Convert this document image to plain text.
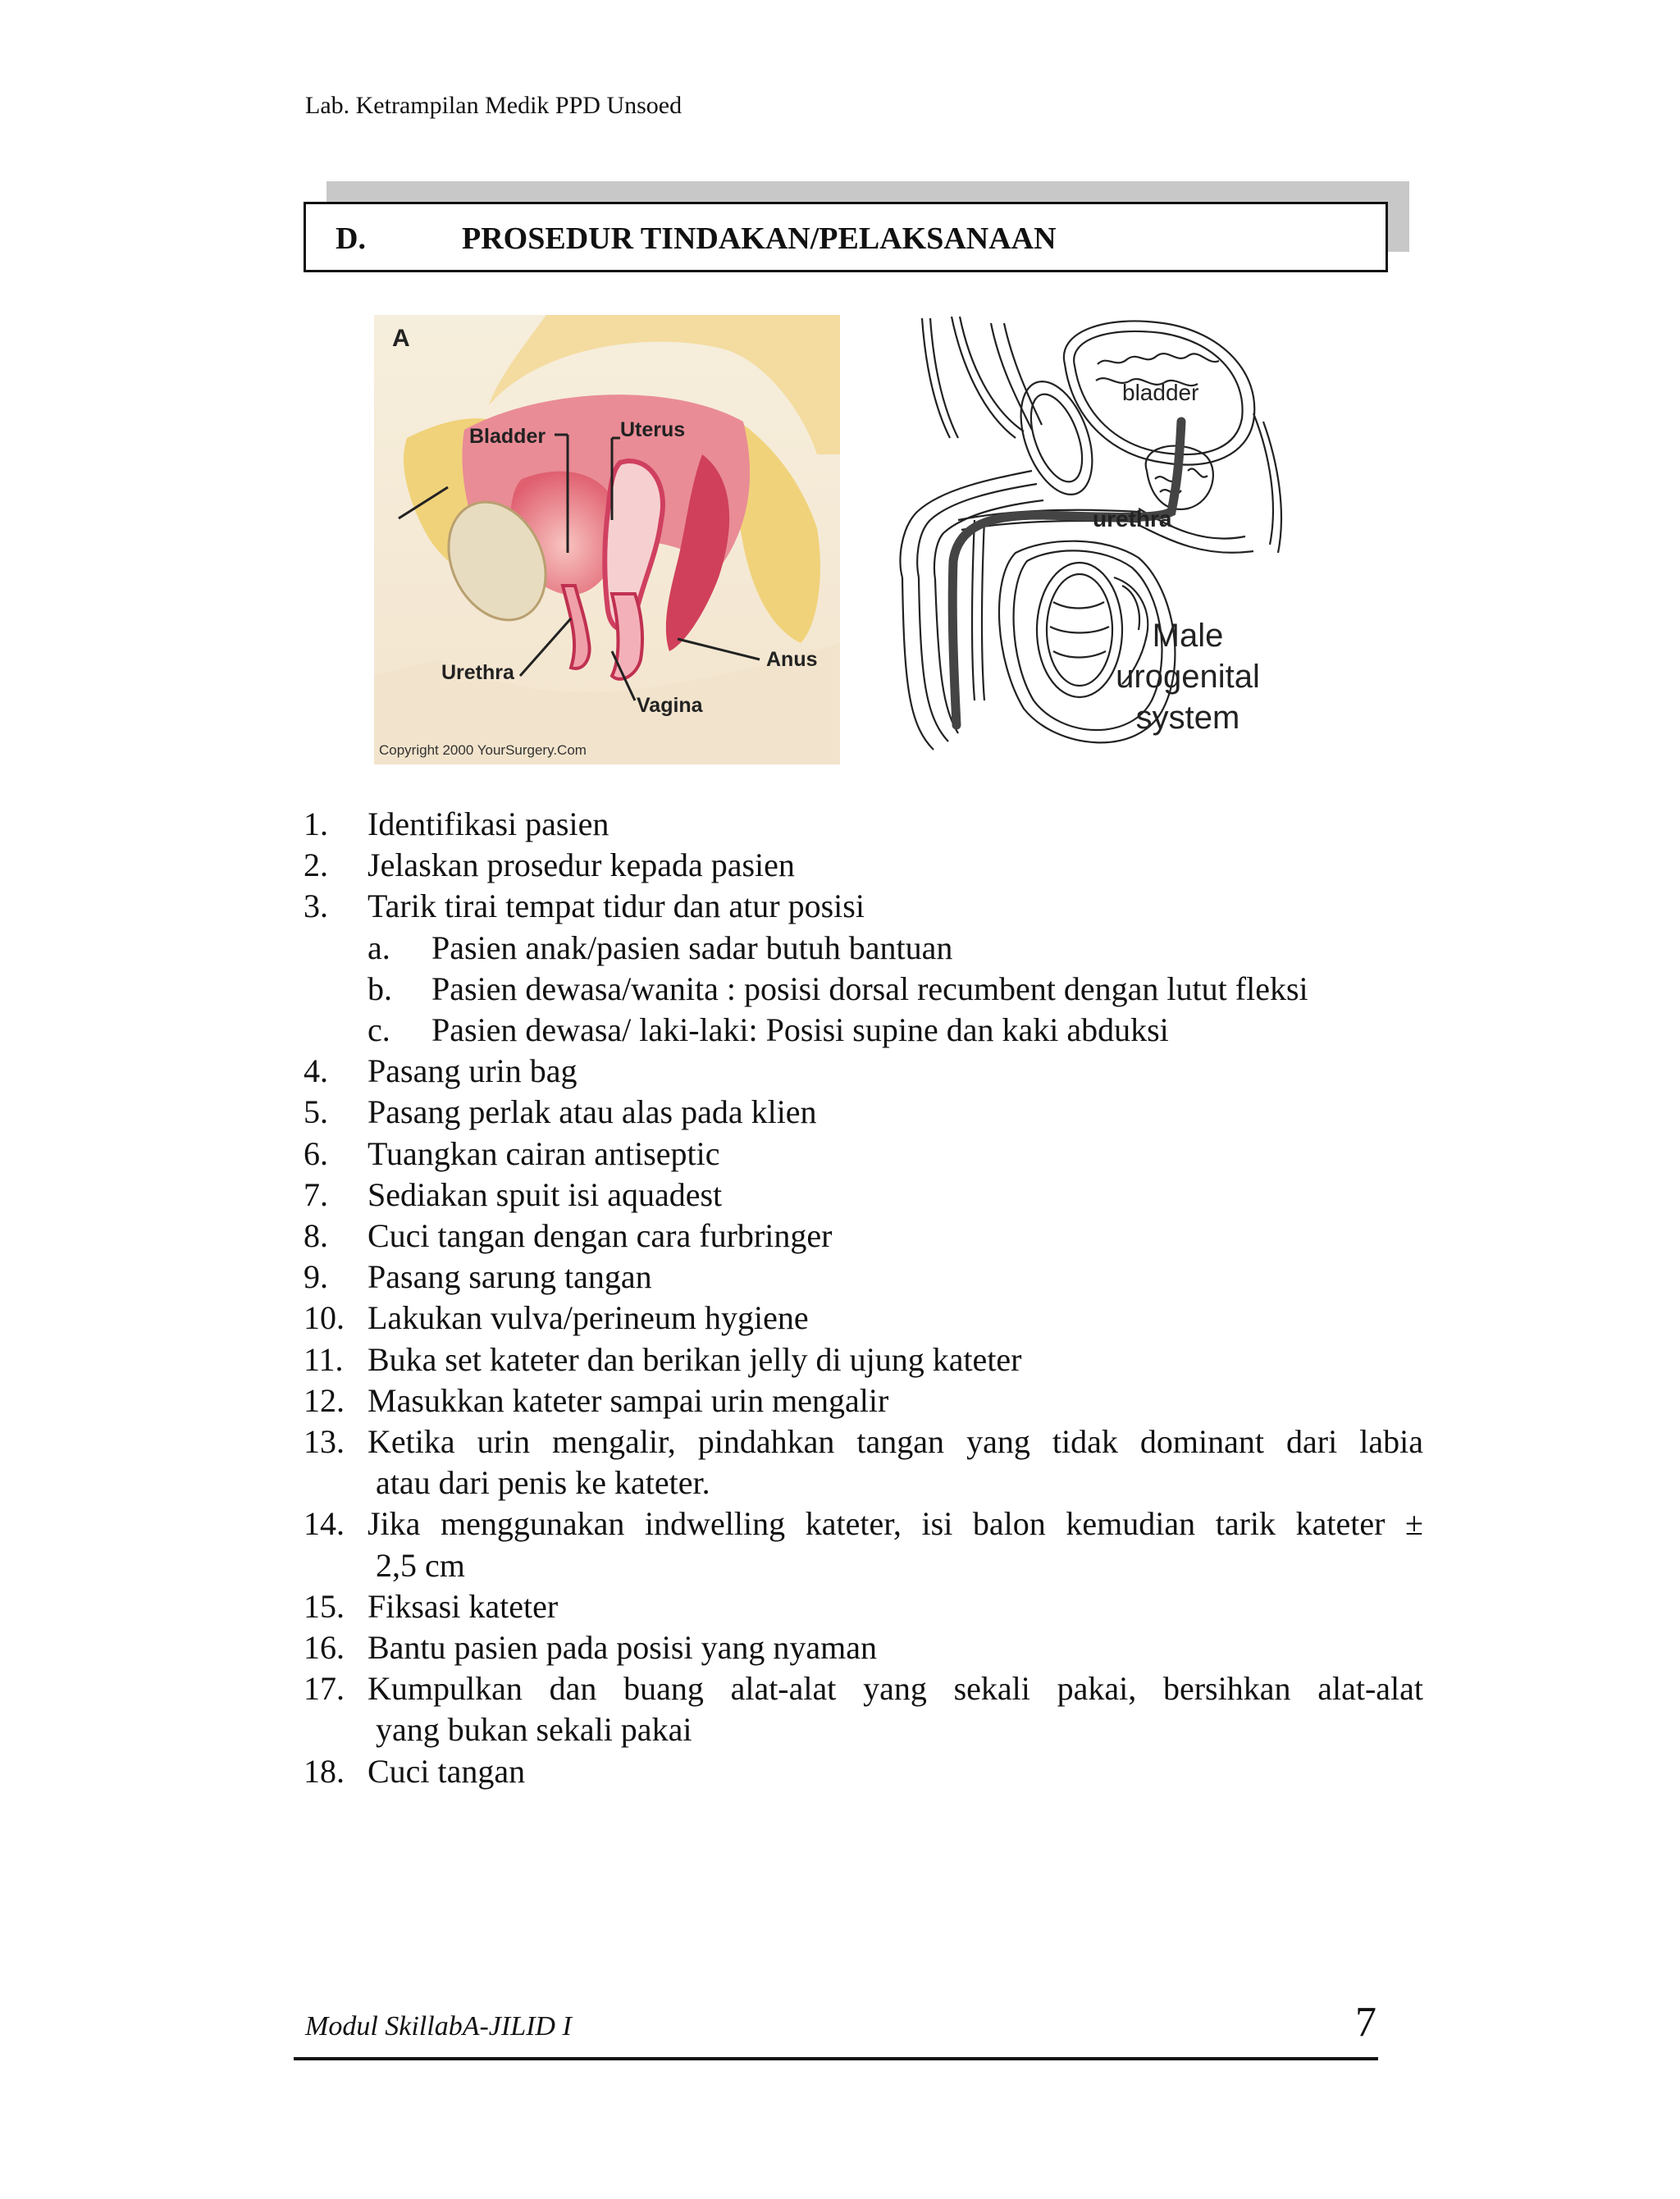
Lab. Ketrampilan Medik PPD Unsoed
D.	PROSEDUR TINDAKAN/PELAKSANAAN
A
Bladder	Uterus
Urethra
Vagina
Anus
Copyright 2000 YourSurgery.Com
bladder
urethra
Male
urogenital
system
1. Identifikasi pasien
2. Jelaskan prosedur kepada pasien
3. Tarik tirai tempat tidur dan atur posisi
a. Pasien anak/pasien sadar butuh bantuan
b. Pasien dewasa/wanita : posisi dorsal recumbent dengan lutut fleksi
c. Pasien dewasa/ laki-laki: Posisi supine dan kaki abduksi
4. Pasang urin bag
5. Pasang perlak atau alas pada klien
6. Tuangkan cairan antiseptic
7. Sediakan spuit isi aquadest
8. Cuci tangan dengan cara furbringer
9. Pasang sarung tangan
10. Lakukan vulva/perineum hygiene
11. Buka set kateter dan berikan jelly di ujung kateter
12. Masukkan kateter sampai urin mengalir
13. Ketika urin mengalir, pindahkan tangan yang tidak dominant dari labia
atau dari penis ke kateter.
14. Jika menggunakan indwelling kateter, isi balon kemudian tarik kateter ±
2,5 cm
15. Fiksasi kateter
16. Bantu pasien pada posisi yang nyaman
17. Kumpulkan dan buang alat-alat yang sekali pakai, bersihkan alat-alat
yang bukan sekali pakai
18. Cuci tangan
Modul SkillabA-JILID I	7
